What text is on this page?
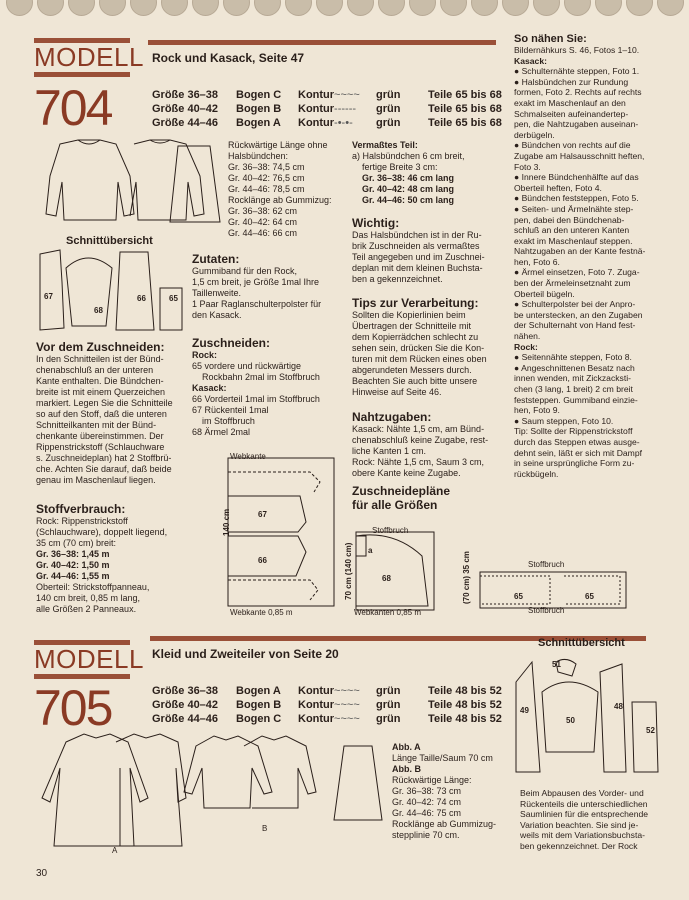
MODELL
704
Rock und Kasack, Seite 47
Größe 36–38 Bogen C Kontur~~~~ grün	Teile 65 bis 68
Größe 40–42 Bogen B Kontur------ grün	Teile 65 bis 68
Größe 44–46 Bogen A Kontur-•-•- grün	Teile 65 bis 68
Rückwärtige Länge ohne
Halsbündchen:
Gr. 36–38: 74,5 cm
Gr. 40–42: 76,5 cm
Gr. 44–46: 78,5 cm
Rocklänge ab Gummizug:
Gr. 36–38: 62 cm
Gr. 40–42: 64 cm
Gr. 44–46: 66 cm
Schnittübersicht
67
68
66	65
Vor dem Zuschneiden:
In den Schnitteilen ist der Bünd-
chenabschluß an der unteren
Kante enthalten. Die Bündchen-
breite ist mit einem Querzeichen
markiert. Legen Sie die Schnitteile
so auf den Stoff, daß die unteren
Schnitteilkanten mit der Bünd-
chenkante übereinstimmen. Der
Rippenstrickstoff (Schlauchware
s. Zuschneideplan) hat 2 Stoffbrü-
che. Achten Sie darauf, daß beide
genau im Maschenlauf liegen.
Stoffverbrauch:
Rock: Rippenstrickstoff
(Schlauchware), doppelt liegend,
35 cm (70 cm) breit:
Gr. 36–38: 1,45 m
Gr. 40–42: 1,50 m
Gr. 44–46: 1,55 m
Oberteil: Strickstoffpanneau,
140 cm breit, 0,85 m lang,
alle Größen 2 Panneaux.
Zutaten:
Gummiband für den Rock,
1,5 cm breit, je Größe 1mal Ihre
Taillenweite.
1 Paar Raglanschulterpolster für
den Kasack.
Zuschneiden:
Rock:
65 vordere und rückwärtige
Rockbahn 2mal im Stoffbruch
Kasack:
66 Vorderteil 1mal im Stoffbruch
67 Rückenteil 1mal
im Stoffbruch
68 Ärmel 2mal
Webkante
140 cm	67
66
Webkante 0,85 m
Vermaßtes Teil:
a) Halsbündchen 6 cm breit,
fertige Breite 3 cm:
Gr. 36–38: 46 cm lang
Gr. 40–42: 48 cm lang
Gr. 44–46: 50 cm lang
Wichtig:
Das Halsbündchen ist in der Ru-
brik Zuschneiden als vermaßtes
Teil angegeben und im Zuschnei-
deplan mit dem kleinen Buchsta-
ben a gekennzeichnet.
Tips zur Verarbeitung:
Sollten die Kopierlinien beim
Übertragen der Schnitteile mit
dem Kopierrädchen schlecht zu
sehen sein, drücken Sie die Kon-
turen mit dem Rücken eines oben
abgerundeten Messers durch.
Beachten Sie auch bitte unsere
Hinweise auf Seite 46.
Nahtzugaben:
Kasack: Nähte 1,5 cm, am Bünd-
chenabschluß keine Zugabe, rest-
liche Kanten 1 cm.
Rock: Nähte 1,5 cm, Saum 3 cm,
obere Kante keine Zugabe.
Zuschneidepläne
für alle Größen
Stoffbruch
a
68
70 cm (140 cm)
Webkanten 0,85 m
Stoffbruch
(70 cm) 35 cm	65	65
Stoffbruch
So nähen Sie:
Bildernähkurs S. 46, Fotos 1–10.
Kasack:
● Schulternähte steppen, Foto 1.
● Halsbündchen zur Rundung
formen, Foto 2. Rechts auf rechts
exakt im Maschenlauf an den
Schmalseiten aufeinandertep-
pen, die Nahtzugaben auseinan-
derbügeln.
● Bündchen von rechts auf die
Zugabe am Halsausschnitt heften,
Foto 3.
● Innere Bündchenhälfte auf das
Oberteil heften, Foto 4.
● Bündchen feststeppen, Foto 5.
● Seiten- und Ärmelnähte step-
pen, dabei den Bündchenab-
schluß an den unteren Kanten
exakt im Maschenlauf steppen.
Nahtzugaben an der Kante festnä-
hen, Foto 6.
● Ärmel einsetzen, Foto 7. Zuga-
ben der Ärmeleinsetznaht zum
Oberteil bügeln.
● Schulterpolster bei der Anpro-
be unterstecken, an den Zugaben
der Schulternaht von Hand fest-
nähen.
Rock:
● Seitennähte steppen, Foto 8.
● Angeschnittenen Besatz nach
innen wenden, mit Zickzacksti-
chen (3 lang, 1 breit) 2 cm breit
feststeppen. Gummiband einzie-
hen, Foto 9.
● Saum steppen, Foto 10.
Tip: Sollte der Rippenstrickstoff
durch das Steppen etwas ausge-
dehnt sein, läßt er sich mit Dampf
in seine ursprüngliche Form zu-
rückbügeln.
MODELL
705
Kleid und Zweiteiler von Seite 20
Größe 36–38 Bogen A Kontur~~~~ grün	Teile 48 bis 52
Größe 40–42 Bogen B Kontur~~~~ grün	Teile 48 bis 52
Größe 44–46 Bogen C Kontur~~~~ grün	Teile 48 bis 52
A
B
Abb. A
Länge Taille/Saum 70 cm
Abb. B
Rückwärtige Länge:
Gr. 36–38: 73 cm
Gr. 40–42: 74 cm
Gr. 44–46: 75 cm
Rocklänge ab Gummizug-
stepplinie 70 cm.
Schnittübersicht
51
49
50
48
52
Beim Abpausen des Vorder- und
Rückenteils die unterschiedlichen
Saumlinien für die entsprechende
Variation beachten. Sie sind je-
weils mit dem Variationsbuchsta-
ben gekennzeichnet. Der Rock
30
